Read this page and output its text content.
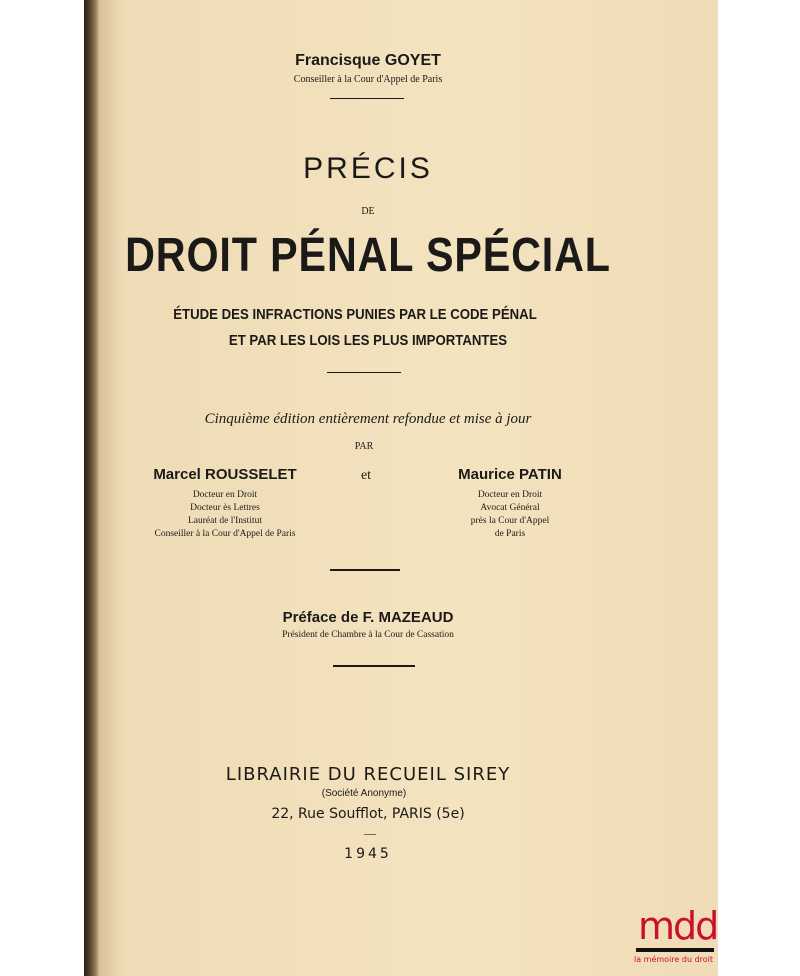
Francisque GOYET
Conseiller à la Cour d'Appel de Paris
PRÉCIS
DE
DROIT PÉNAL SPÉCIAL
ÉTUDE DES INFRACTIONS PUNIES PAR LE CODE PÉNAL
ET PAR LES LOIS LES PLUS IMPORTANTES
Cinquième édition entièrement refondue et mise à jour
PAR
Marcel ROUSSELET
Docteur en Droit
Docteur ès Lettres
Lauréat de l'Institut
Conseiller à la Cour d'Appel de Paris
et	Maurice PATIN
Docteur en Droit
Avocat Général
près la Cour d'Appel
de Paris
Préface de F. MAZEAUD
Président de Chambre à la Cour de Cassation
LIBRAIRIE DU RECUEIL SIREY
(Société Anonyme)
22, Rue Soufflot, PARIS (5e)
—
1945
mdd
la mémoire du droit
